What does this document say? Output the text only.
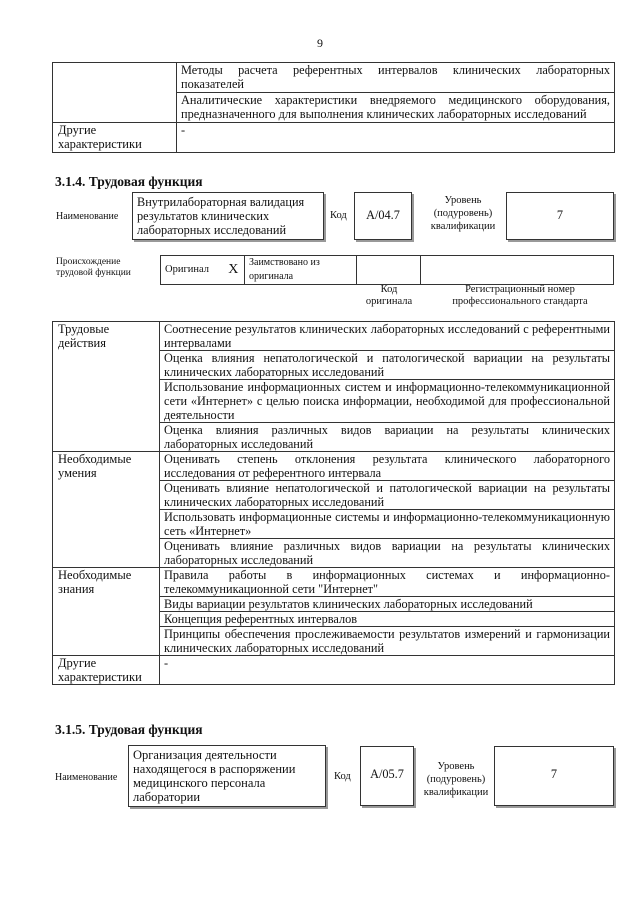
9
	Методы расчета референтных интервалов клинических лабораторных показателей
	Аналитические характеристики внедряемого медицинского оборудования, предназначенного для выполнения клинических лабораторных исследований
Другие характеристики	-
3.1.4. Трудовая функция
Наименование
Внутрилабораторная валидация результатов клинических лабораторных исследований
Код	A/04.7
Уровень (подуровень) квалификации
7
Происхождение трудовой функции	Оригинал	X	Заимствовано из оригинала		
Код оригинала
Регистрационный номер профессионального стандарта
Трудовые действия	Соотнесение результатов клинических лабораторных исследований с референтными интервалами
	Оценка влияния непатологической и патологической вариации на результаты клинических лабораторных исследований
	Использование информационных систем и информационно-телекоммуникационной сети «Интернет» с целью поиска информации, необходимой для профессиональной деятельности
	Оценка влияния различных видов вариации на результаты клинических лабораторных исследований
Необходимые умения	Оценивать степень отклонения результата клинического лабораторного исследования от референтного интервала
	Оценивать влияние непатологической и патологической вариации на результаты клинических лабораторных исследований
	Использовать информационные системы и информационно-телекоммуникационную сеть «Интернет»
	Оценивать влияние различных видов вариации на результаты клинических лабораторных исследований
Необходимые знания	Правила работы в информационных системах и информационно-телекоммуникационной сети "Интернет"
	Виды вариации результатов клинических лабораторных исследований
	Концепция референтных интервалов
	Принципы обеспечения прослеживаемости результатов измерений и гармонизации клинических лабораторных исследований
Другие характеристики	-
3.1.5. Трудовая функция
Наименование
Организация деятельности находящегося в распоряжении медицинского персонала лаборатории
Код	A/05.7
Уровень (подуровень) квалификации
7
